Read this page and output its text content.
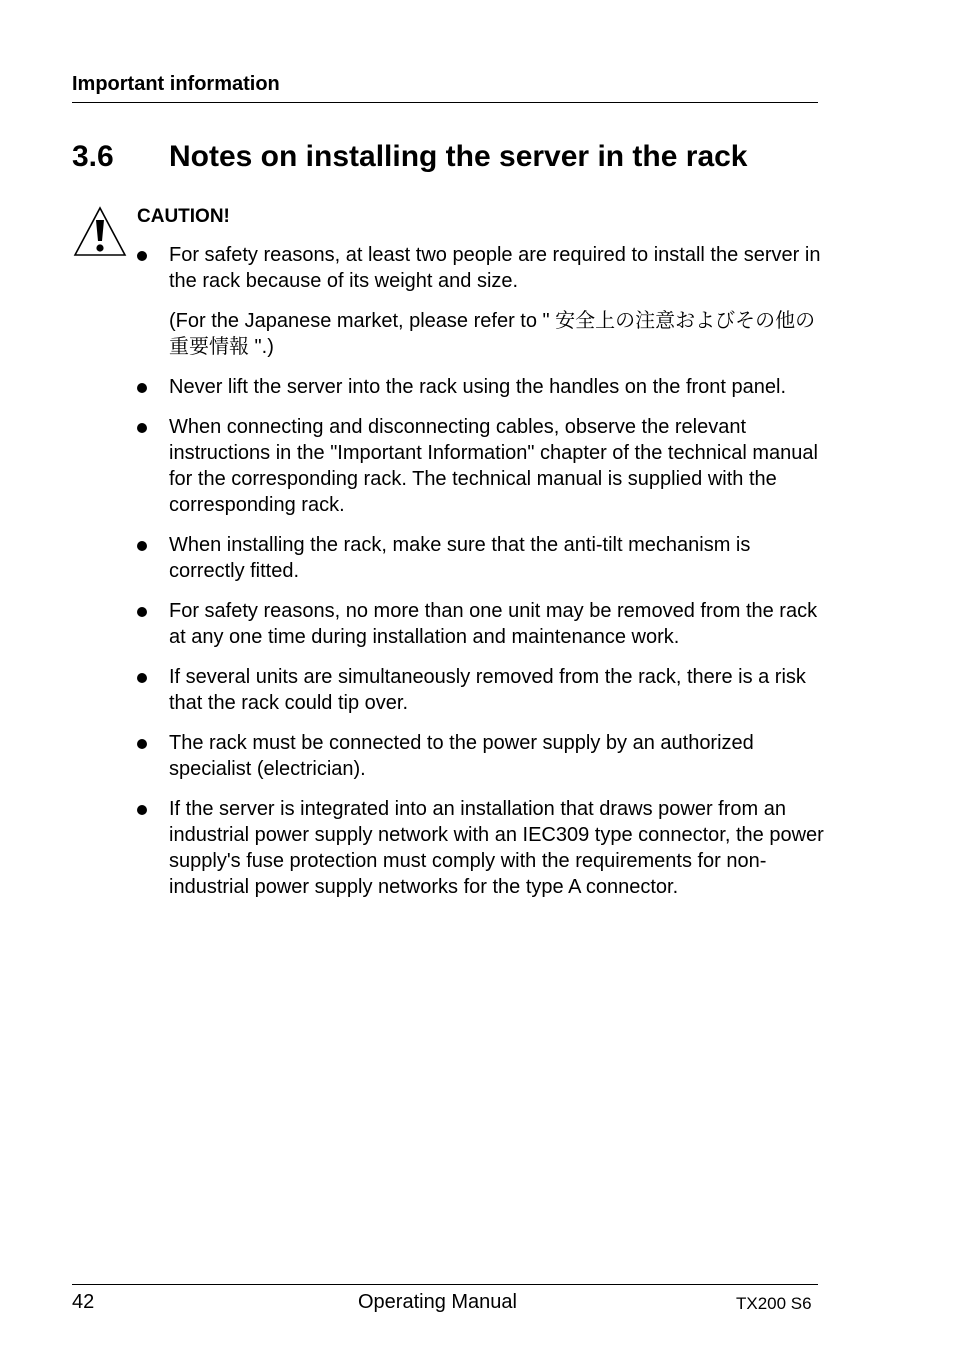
Important information
3.6 Notes on installing the server in the rack
CAUTION!
For safety reasons, at least two people are required to install the server in the rack because of its weight and size.
(For the Japanese market, please refer to " 安全上の注意およびその他の重要情報 ".)
Never lift the server into the rack using the handles on the front panel.
When connecting and disconnecting cables, observe the relevant instructions in the "Important Information" chapter of the technical manual for the corresponding rack. The technical manual is supplied with the corresponding rack.
When installing the rack, make sure that the anti-tilt mechanism is correctly fitted.
For safety reasons, no more than one unit may be removed from the rack at any one time during installation and maintenance work.
If several units are simultaneously removed from the rack, there is a risk that the rack could tip over.
The rack must be connected to the power supply by an authorized specialist (electrician).
If the server is integrated into an installation that draws power from an industrial power supply network with an IEC309 type connector, the power supply's fuse protection must comply with the requirements for non-industrial power supply networks for the type A connector.
42	Operating Manual	TX200 S6
